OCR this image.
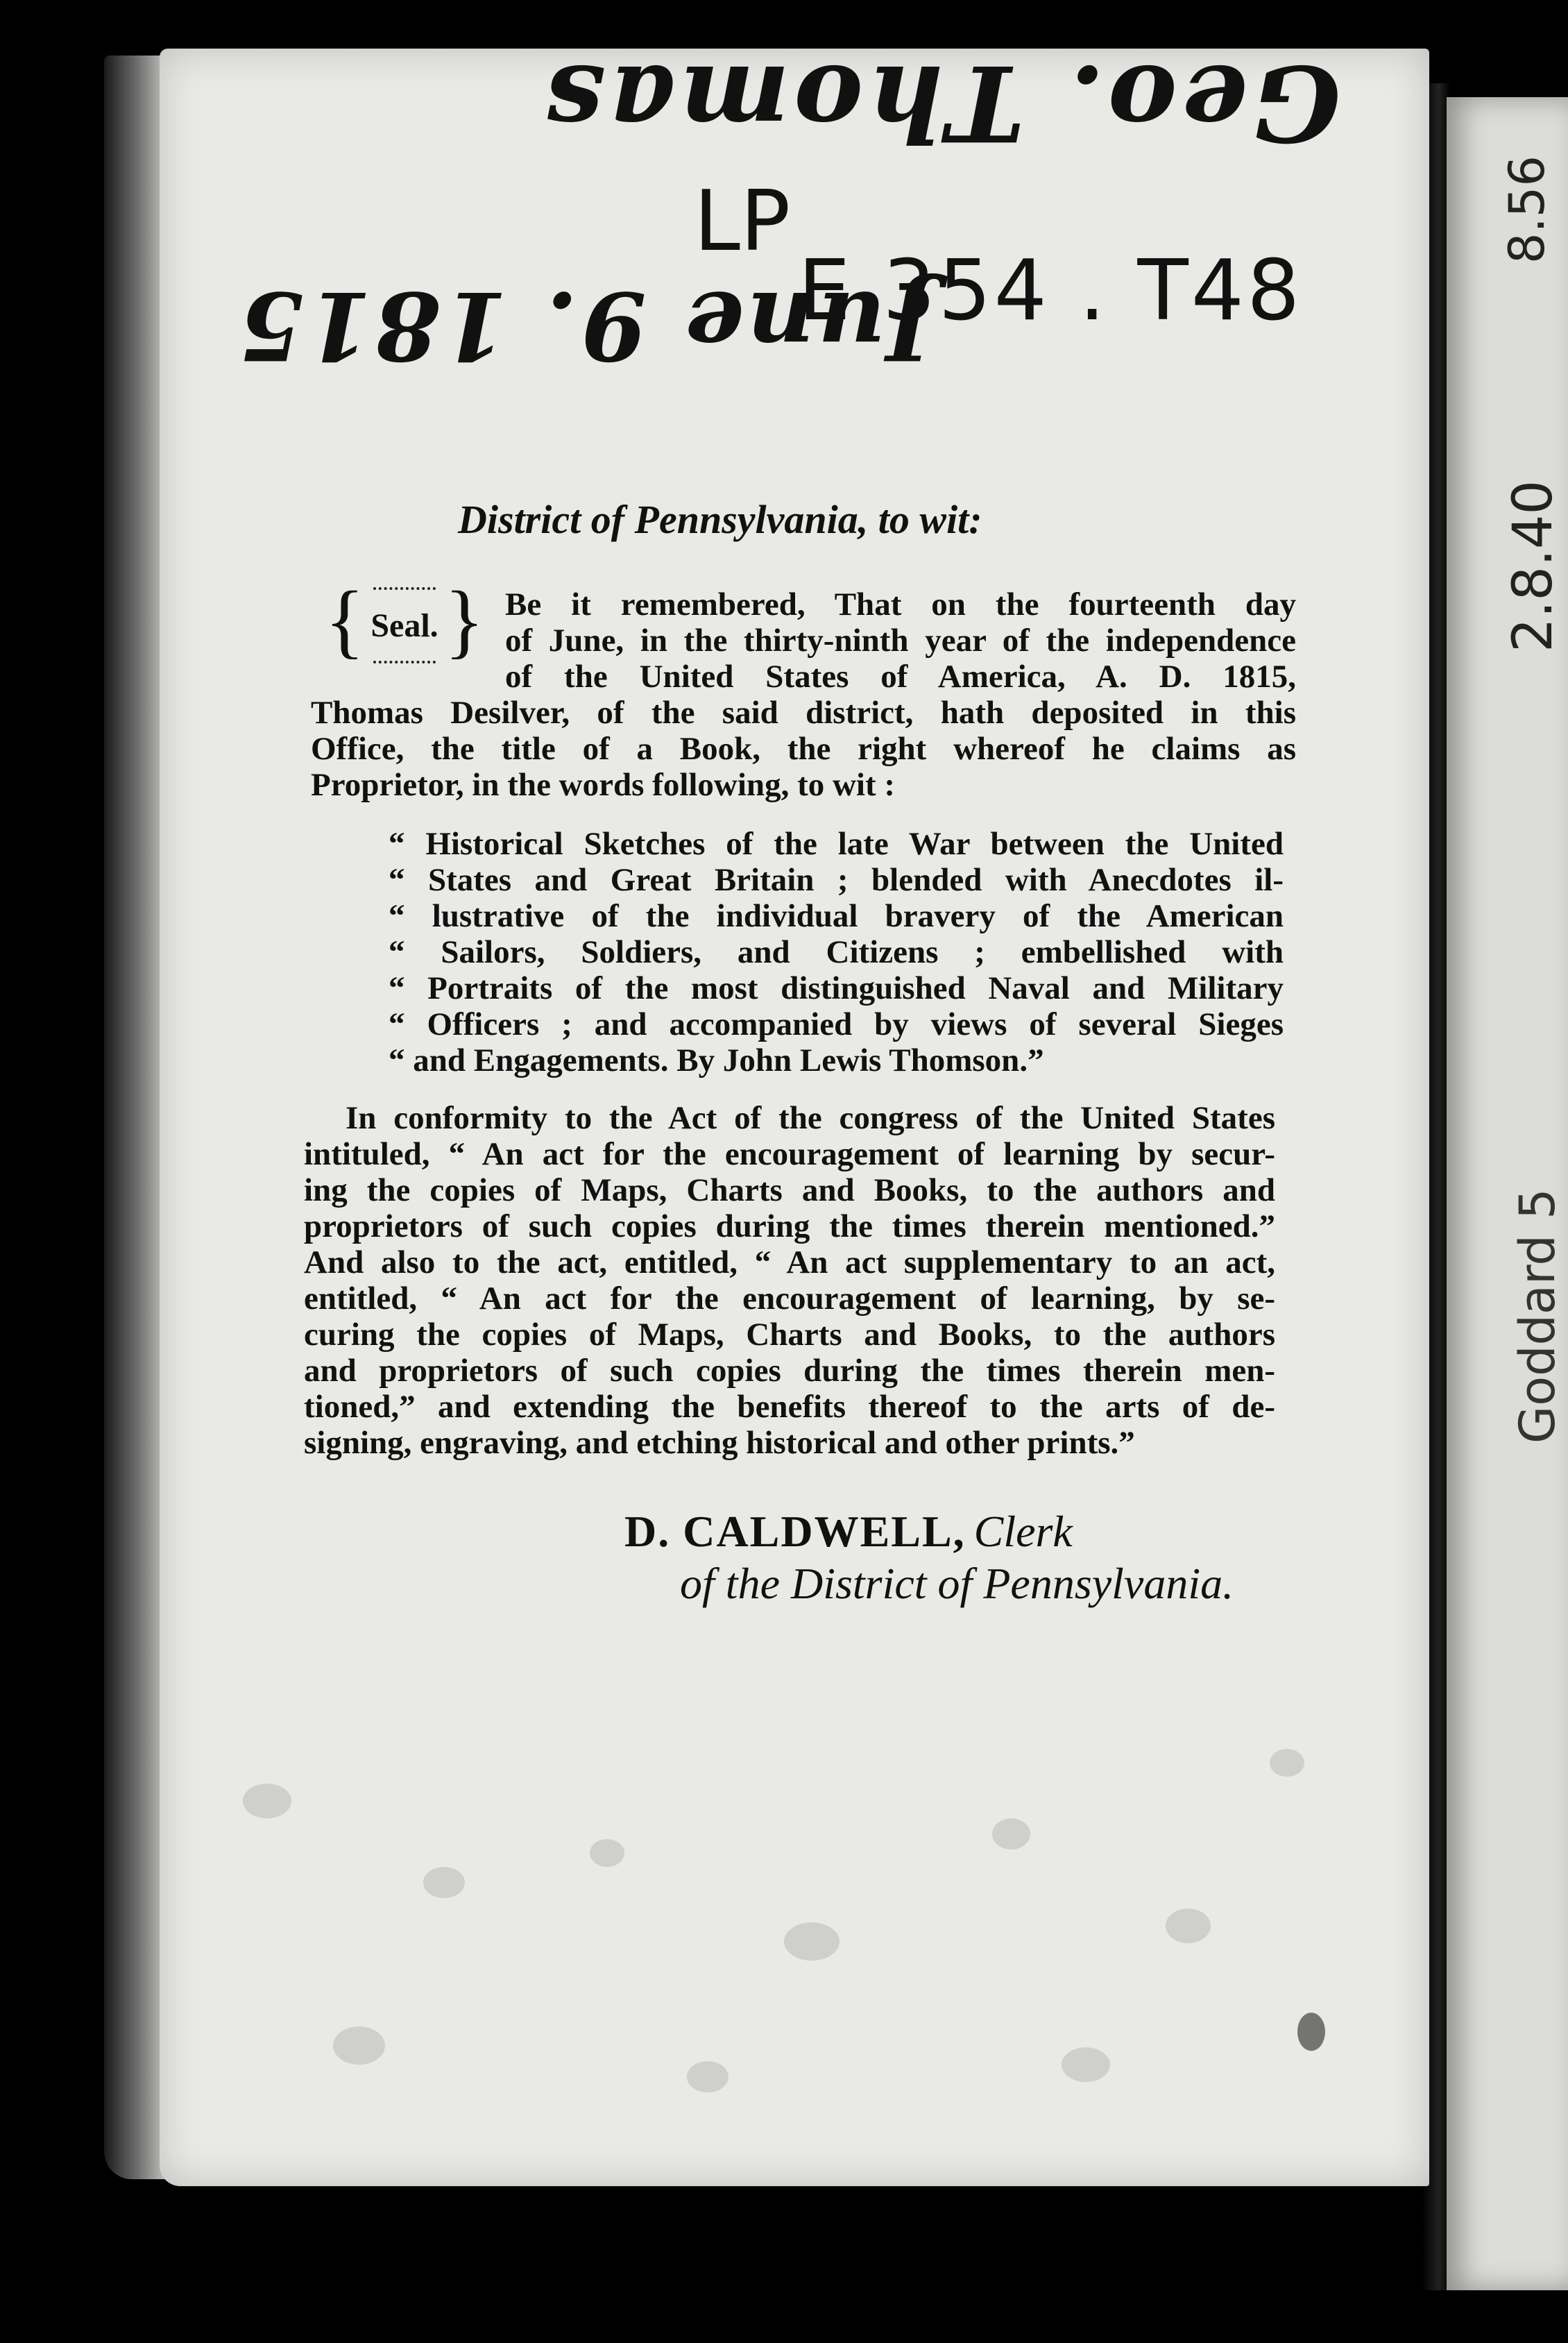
Geo. Thomas
June 9. 1815
LP
E 354 . T48
8.56
2.8.40
Goddard 5
District of Pennsylvania, to wit:
{ Seal. } Be it remembered, That on the fourteenth day
of June, in the thirty-ninth year of the independence
of the United States of America, A. D. 1815,
Thomas Desilver, of the said district, hath deposited in this
Office, the title of a Book, the right whereof he claims as
Proprietor, in the words following, to wit :
“ Historical Sketches of the late War between the United
“ States and Great Britain ; blended with Anecdotes il-
“ lustrative of the individual bravery of the American
“ Sailors, Soldiers, and Citizens ; embellished with
“ Portraits of the most distinguished Naval and Military
“ Officers ; and accompanied by views of several Sieges
“ and Engagements. By John Lewis Thomson.”
In conformity to the Act of the congress of the United States
intituled, “ An act for the encouragement of learning by secur-
ing the copies of Maps, Charts and Books, to the authors and
proprietors of such copies during the times therein mentioned.”
And also to the act, entitled, “ An act supplementary to an act,
entitled, “ An act for the encouragement of learning, by se-
curing the copies of Maps, Charts and Books, to the authors
and proprietors of such copies during the times therein men-
tioned,” and extending the benefits thereof to the arts of de-
signing, engraving, and etching historical and other prints.”
D. CALDWELL, Clerk
of the District of Pennsylvania.
